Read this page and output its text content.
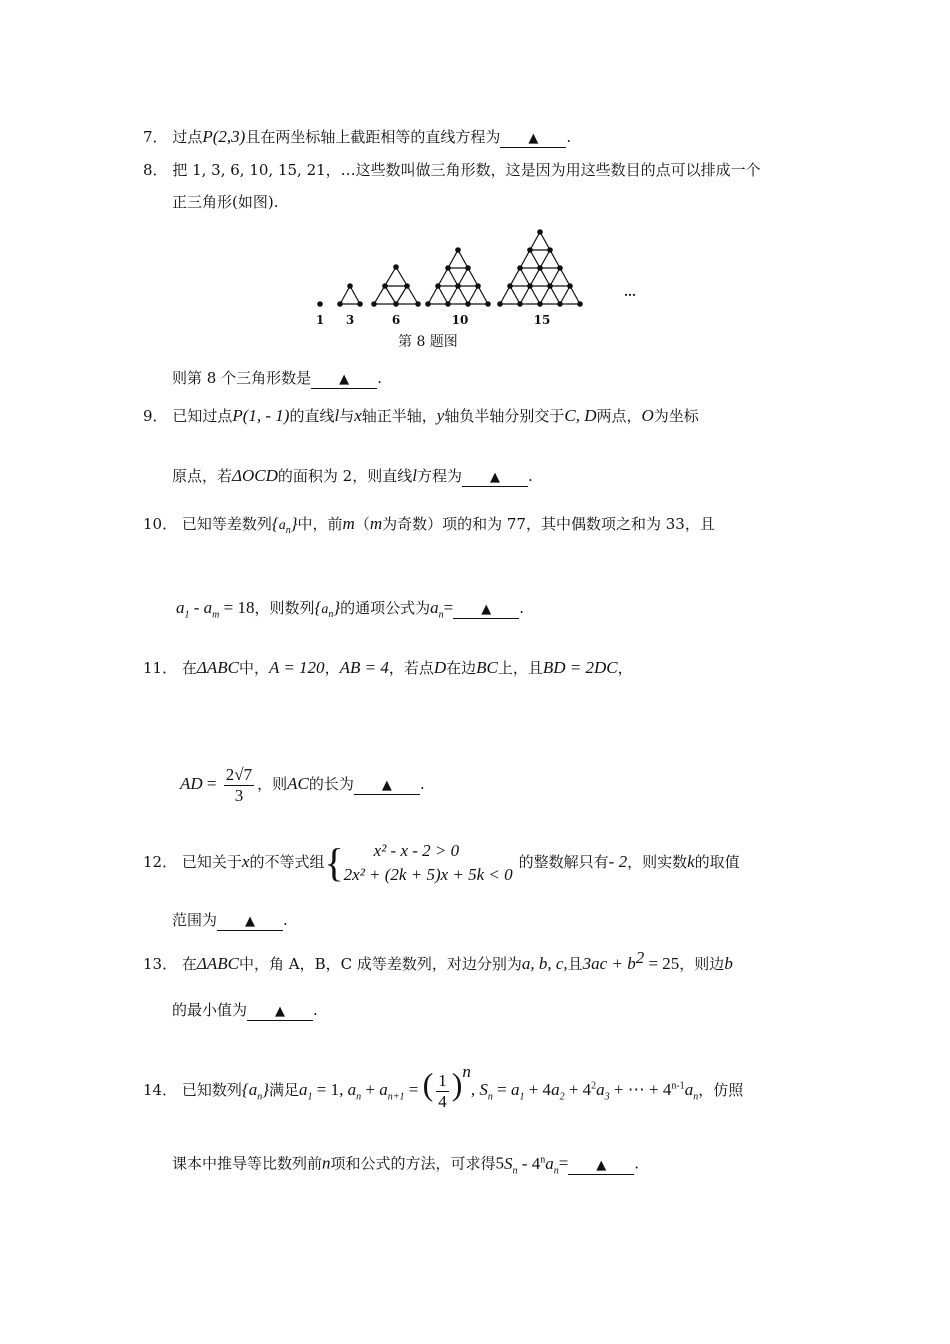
7． 过点P(2,3)且在两坐标轴上截距相等的直线方程为 ▲ .
8． 把 1, 3, 6, 10, 15, 21，…这些数叫做三角形数，这是因为用这些数目的点可以排成一个
正三角形(如图).
1 3	6	10	15
…
第 8 题图
则第 8 个三角形数是 ▲ .
9． 已知过点P(1, - 1)的直线l与x轴正半轴，y轴负半轴分别交于C, D两点，O为坐标
原点，若ΔOCD的面积为 2，则直线l方程为 ▲ .
10． 已知等差数列$\{a_n\}$中，前m（m为奇数）项的和为 77，其中偶数项之和为 33，且
$a_1 - a_m = 18$，则数列$\{a_n\}$的通项公式为$a_n=$ ▲ .
11． 在ΔABC中，A = 120，AB = 4，若点D在边BC上，且BD = 2DC，
AD = $\frac{2√7}{3}$ ，则AC的长为 ▲ .
12． 已知关于x的不等式组{	x² - x - 2 > 0
2x² + (2k + 5)x + 5k < 0
的整数解只有- 2，则实数k的取值
范围为 ▲ .
13． 在ΔABC中，角 A，B，C 成等差数列，对边分别为a, b, c,且$3ac + b^2 = 25$，则边b
的最小值为 ▲ .
14． 已知数列$\{a_n\}$满足$a_1 = 1$, $a_n + a_{n+1}$ = ( $\frac{1}{4} )^n$, $S_n = a_1 + 4a_2 + 4^2a_3$ + ⋯ + $4^{n-1}a_n$，仿照
课本中推导等比数列前n项和公式的方法，可求得$5S_n - 4^na_n=$ ▲ .
